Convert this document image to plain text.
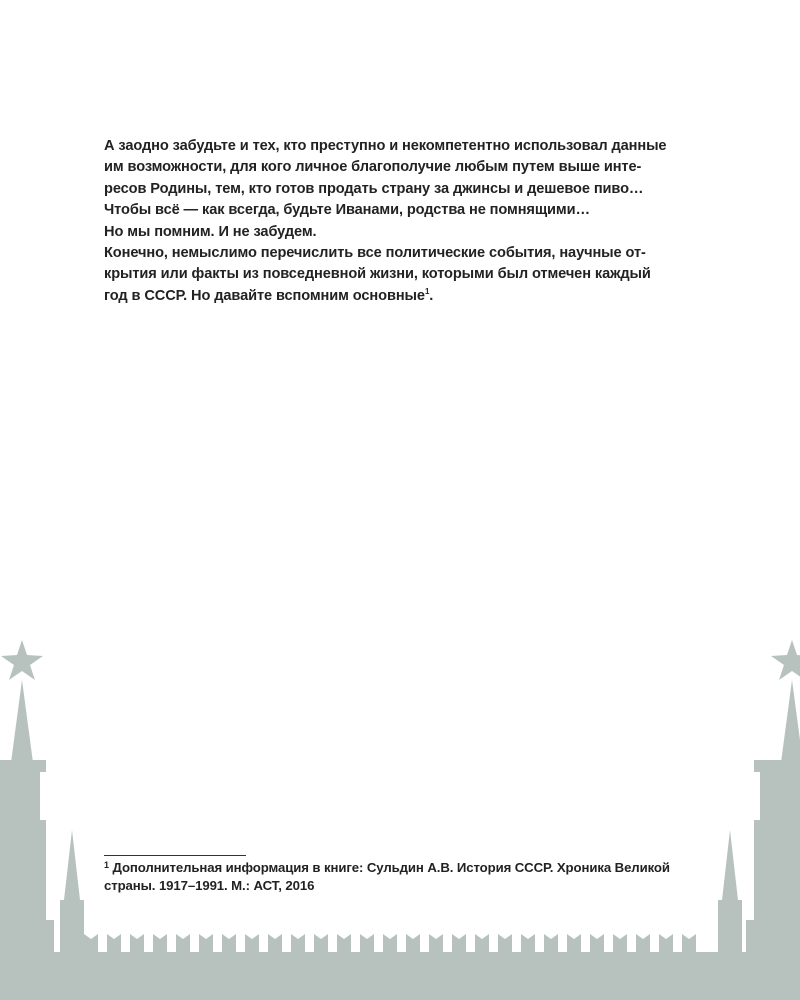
А заодно забудьте и тех, кто преступно и некомпетентно использовал данные
им возможности, для кого личное благополучие любым путем выше инте-
ресов Родины, тем, кто готов продать страну за джинсы и дешевое пиво…
Чтобы всё — как всегда, будьте Иванами, родства не помнящими…
Но мы помним. И не забудем.
Конечно, немыслимо перечислить все политические события, научные от-
крытия или факты из повседневной жизни, которыми был отмечен каждый
год в СССР. Но давайте вспомним основные$^1$.
$^1$ Дополнительная информация в книге: Сульдин А.В. История СССР. Хроника Великой
страны. 1917–1991. М.: АСТ, 2016
